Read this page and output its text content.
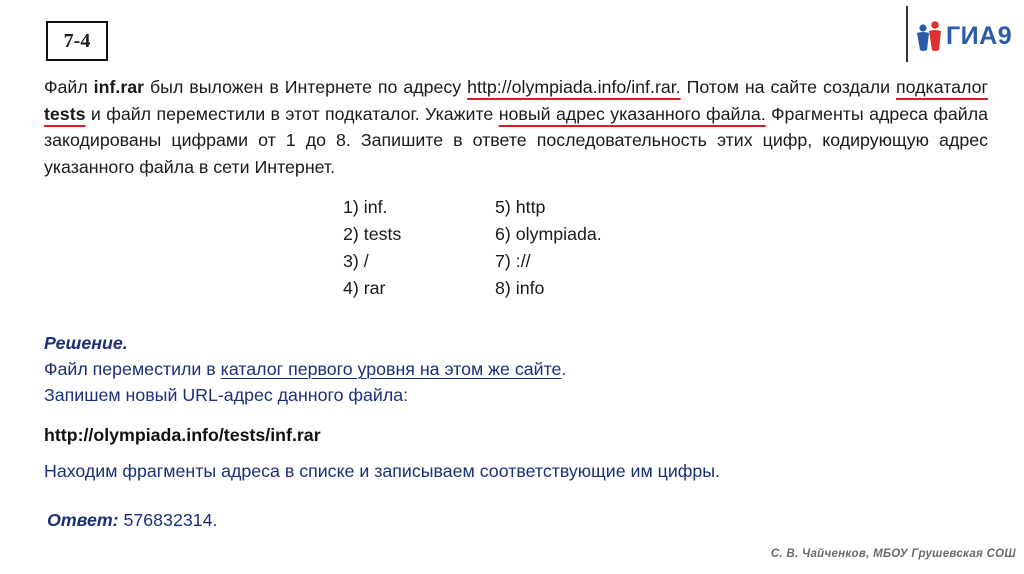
7-4	ГИА9
Файл inf.rar был выложен в Интернете по адресу http://olympiada.info/inf.rar. Потом на сайте создали подкаталог tests и файл переместили в этот подкаталог. Укажите новый адрес указанного файла. Фрагменты адреса файла закодированы цифрами от 1 до 8. Запишите в ответе последовательность этих цифр, кодирующую адрес указанного файла в сети Интернет.
1) inf.	5) http
2) tests	6) olympiada.
3) /	7) ://
4) rar	8) info
Решение.
Файл переместили в каталог первого уровня на этом же сайте.
Запишем новый URL-адрес данного файла:
http://olympiada.info/tests/inf.rar
Находим фрагменты адреса в списке и записываем соответствующие им цифры.
Ответ: 576832314.
С. В. Чайченков, МБОУ Грушевская СОШ
